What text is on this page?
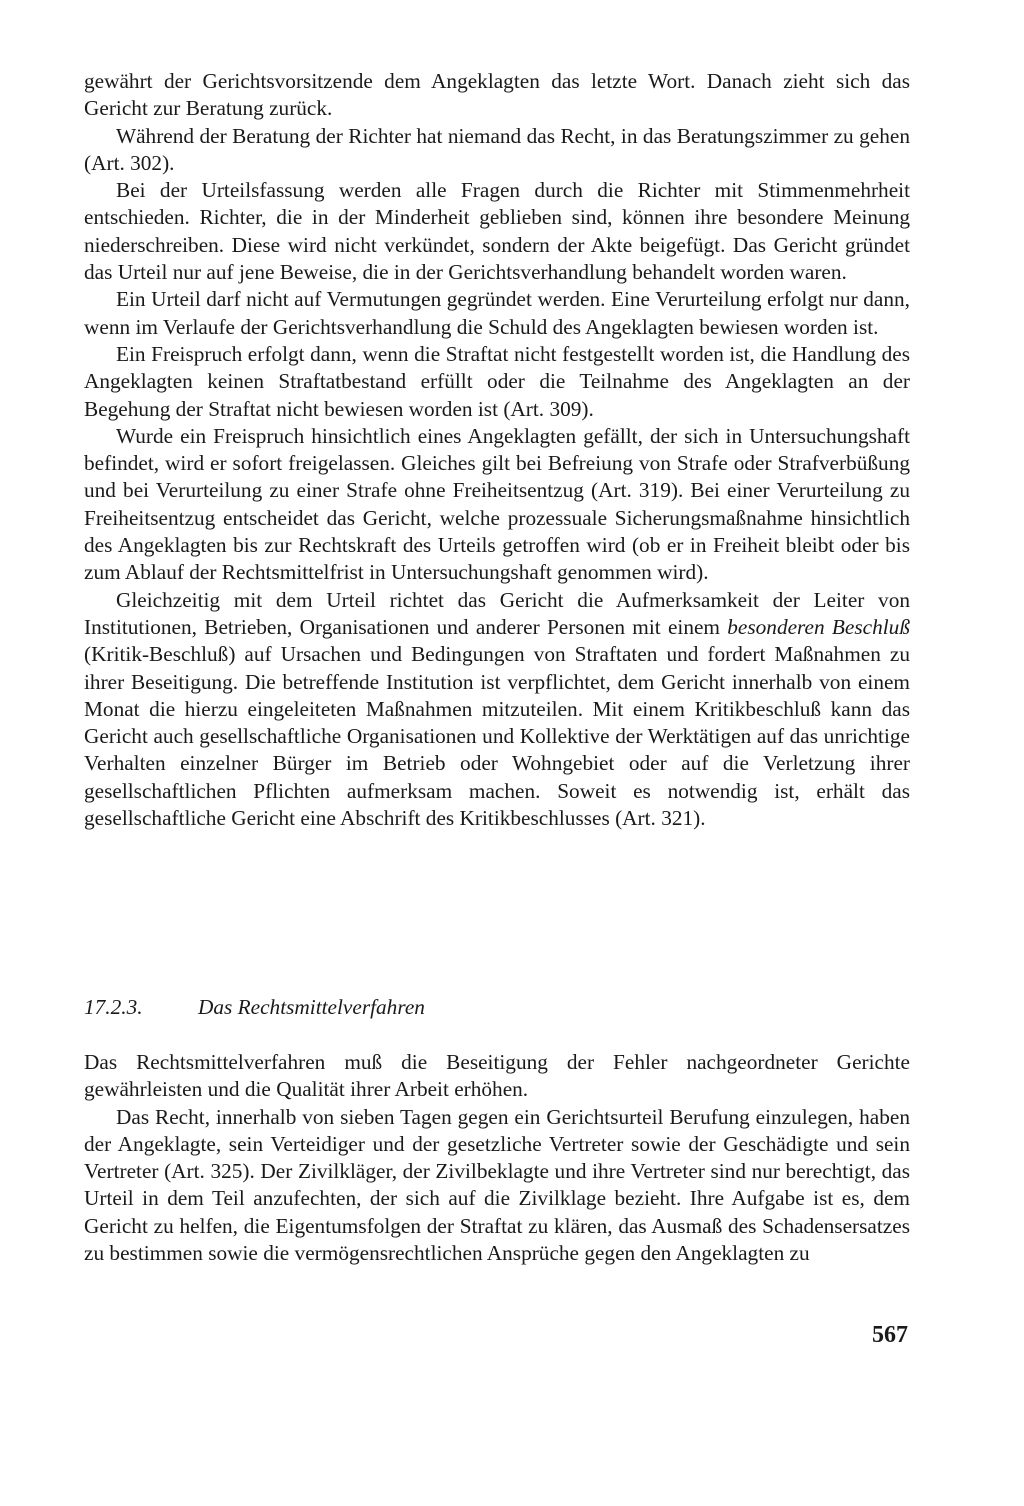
gewährt der Gerichtsvorsitzende dem Angeklagten das letzte Wort. Danach zieht sich das Gericht zur Beratung zurück.

Während der Beratung der Richter hat niemand das Recht, in das Beratungszimmer zu gehen (Art. 302).

Bei der Urteilsfassung werden alle Fragen durch die Richter mit Stimmenmehrheit entschieden. Richter, die in der Minderheit geblieben sind, können ihre besondere Meinung niederschreiben. Diese wird nicht verkündet, sondern der Akte beigefügt. Das Gericht gründet das Urteil nur auf jene Beweise, die in der Gerichtsverhandlung behandelt worden waren.

Ein Urteil darf nicht auf Vermutungen gegründet werden. Eine Verurteilung erfolgt nur dann, wenn im Verlaufe der Gerichtsverhandlung die Schuld des Angeklagten bewiesen worden ist.

Ein Freispruch erfolgt dann, wenn die Straftat nicht festgestellt worden ist, die Handlung des Angeklagten keinen Straftatbestand erfüllt oder die Teilnahme des Angeklagten an der Begehung der Straftat nicht bewiesen worden ist (Art. 309).

Wurde ein Freispruch hinsichtlich eines Angeklagten gefällt, der sich in Untersuchungshaft befindet, wird er sofort freigelassen. Gleiches gilt bei Befreiung von Strafe oder Strafverbüßung und bei Verurteilung zu einer Strafe ohne Freiheitsentzug (Art. 319). Bei einer Verurteilung zu Freiheitsentzug entscheidet das Gericht, welche prozessuale Sicherungsmaßnahme hinsichtlich des Angeklagten bis zur Rechtskraft des Urteils getroffen wird (ob er in Freiheit bleibt oder bis zum Ablauf der Rechtsmittelfrist in Untersuchungshaft genommen wird).

Gleichzeitig mit dem Urteil richtet das Gericht die Aufmerksamkeit der Leiter von Institutionen, Betrieben, Organisationen und anderer Personen mit einem besonderen Beschluß (Kritik-Beschluß) auf Ursachen und Bedingungen von Straftaten und fordert Maßnahmen zu ihrer Beseitigung. Die betreffende Institution ist verpflichtet, dem Gericht innerhalb von einem Monat die hierzu eingeleiteten Maßnahmen mitzuteilen. Mit einem Kritikbeschluß kann das Gericht auch gesellschaftliche Organisationen und Kollektive der Werktätigen auf das unrichtige Verhalten einzelner Bürger im Betrieb oder Wohngebiet oder auf die Verletzung ihrer gesellschaftlichen Pflichten aufmerksam machen. Soweit es notwendig ist, erhält das gesellschaftliche Gericht eine Abschrift des Kritikbeschlusses (Art. 321).

17.2.3.	Das Rechtsmittelverfahren

Das Rechtsmittelverfahren muß die Beseitigung der Fehler nachgeordneter Gerichte gewährleisten und die Qualität ihrer Arbeit erhöhen.

Das Recht, innerhalb von sieben Tagen gegen ein Gerichtsurteil Berufung einzulegen, haben der Angeklagte, sein Verteidiger und der gesetzliche Vertreter sowie der Geschädigte und sein Vertreter (Art. 325). Der Zivilkläger, der Zivilbeklagte und ihre Vertreter sind nur berechtigt, das Urteil in dem Teil anzufechten, der sich auf die Zivilklage bezieht. Ihre Aufgabe ist es, dem Gericht zu helfen, die Eigentumsfolgen der Straftat zu klären, das Ausmaß des Schadensersatzes zu bestimmen sowie die vermögensrechtlichen Ansprüche gegen den Angeklagten zu

567
